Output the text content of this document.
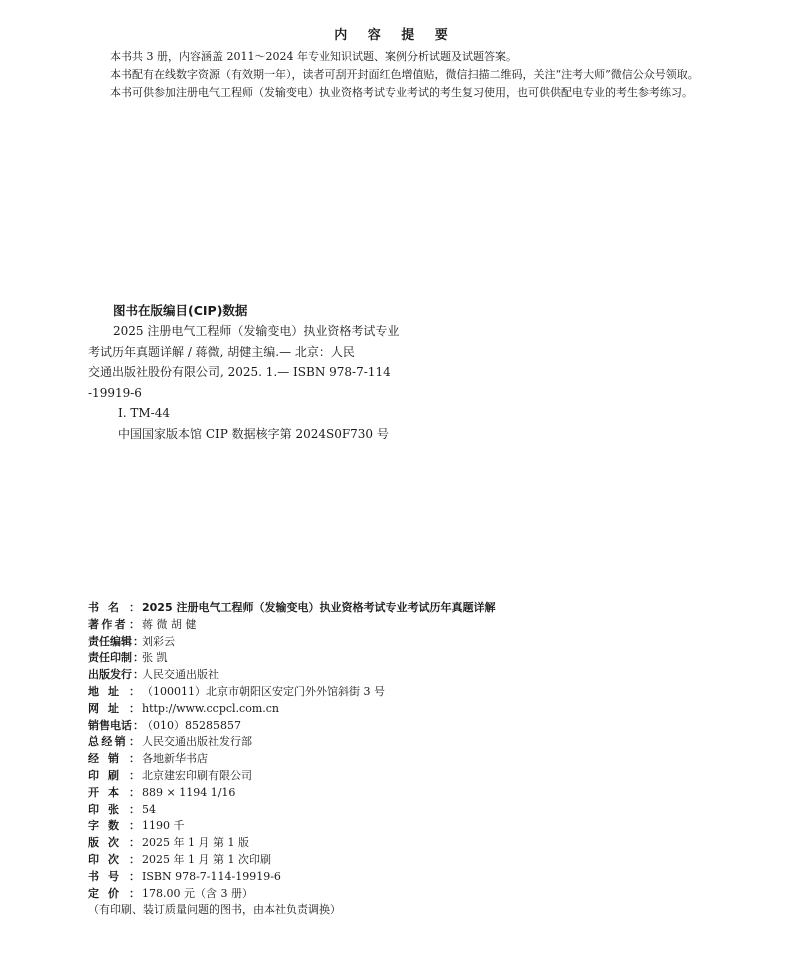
内 容 提 要

本书共 3 册，内容涵盖 2011～2024 年专业知识试题、案例分析试题及试题答案。

本书配有在线数字资源（有效期一年），读者可刮开封面红色增值贴，微信扫描二维码，关注“注考大师”微信公众号领取。

本书可供参加注册电气工程师（发输变电）执业资格考试专业考试的考生复习使用，也可供供配电专业的考生参考练习。

图书在版编目(CIP)数据
2025 注册电气工程师（发输变电）执业资格考试专业
考试历年真题详解 / 蒋微, 胡健主编.— 北京：人民
交通出版社股份有限公司, 2025. 1.— ISBN 978-7-114
-19919-6
Ⅰ. TM-44
中国国家版本馆 CIP 数据核字第 2024S0F730 号
书 名 ： 2025 注册电气工程师（发输变电）执业资格考试专业考试历年真题详解
著 作 者 ： 蒋 微 胡 健
责任编辑 ：
刘彩云
责任印制 ：
张 凯
出版发行 ：
人民交通出版社
地 址 ： （100011）北京市朝阳区安定门外外馆斜街 3 号
网 址 ： http://www.ccpcl.com.cn
销售电话 ：
（010）85285857
总 经 销 ： 人民交通出版社发行部
经 销 ： 各地新华书店
印 刷 ： 北京建宏印刷有限公司
开 本 ： 889 × 1194 1/16
印 张 ： 54
字 数 ： 1190 千
版 次 ： 2025 年 1 月 第 1 版
印 次 ： 2025 年 1 月 第 1 次印刷
书 号 ： ISBN 978-7-114-19919-6
定 价 ： 178.00 元（含 3 册）
（有印刷、装订质量问题的图书，由本社负责调换）
